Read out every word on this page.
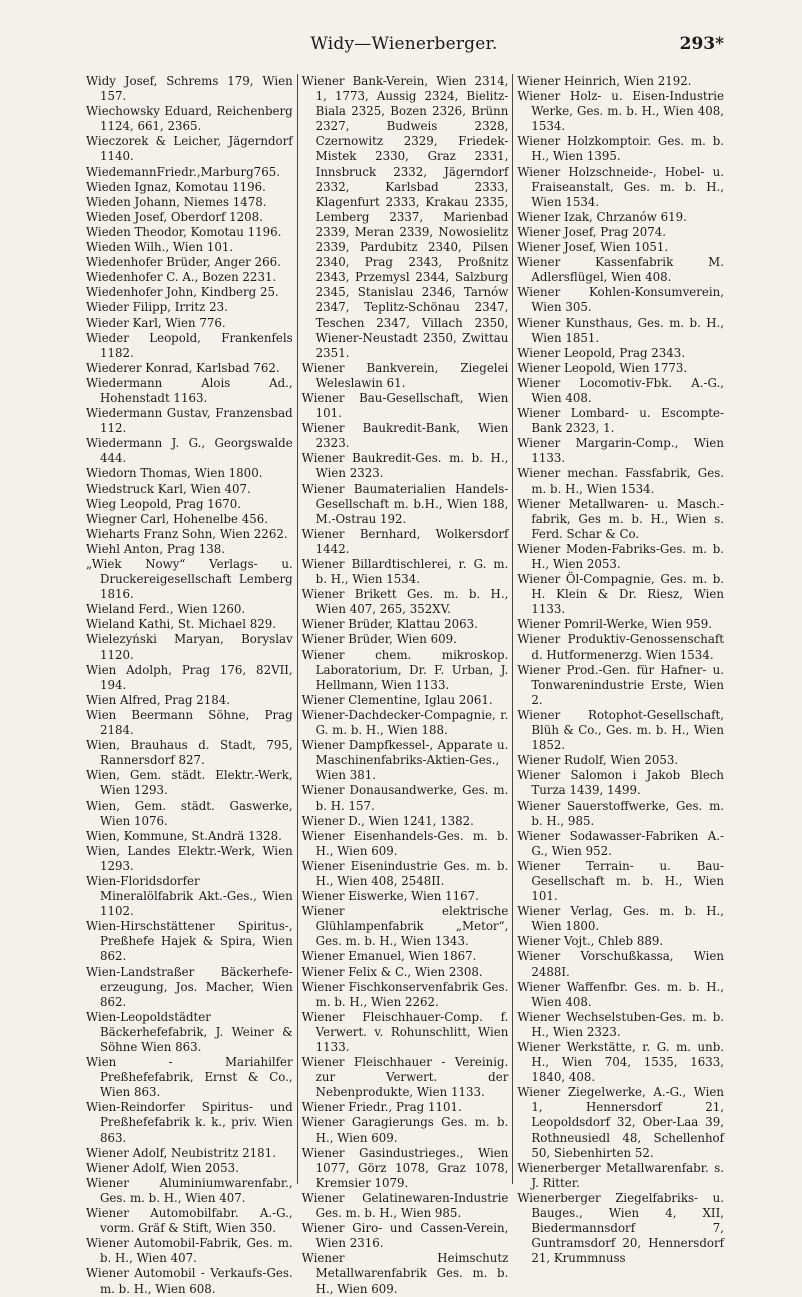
Widy—Wienerberger.	293*

Widy Josef, Schrems 179, Wien 157.

Wiechowsky Eduard, Reichenberg 1124, 661, 2365.

Wieczorek & Leicher, Jägerndorf 1140.

WiedemannFriedr.,Marburg765.

Wieden Ignaz, Komotau 1196.

Wieden Johann, Niemes 1478.

Wieden Josef, Oberdorf 1208.

Wieden Theodor, Komotau 1196.

Wieden Wilh., Wien 101.

Wiedenhofer Brüder, Anger 266.

Wiedenhofer C. A., Bozen 2231.

Wiedenhofer John, Kindberg 25.

Wieder Filipp, Irritz 23.

Wieder Karl, Wien 776.

Wieder Leopold, Frankenfels 1182.

Wiederer Konrad, Karlsbad 762.

Wiedermann Alois Ad., Hohenstadt 1163.

Wiedermann Gustav, Franzensbad 112.

Wiedermann J. G., Georgswalde 444.

Wiedorn Thomas, Wien 1800.

Wiedstruck Karl, Wien 407.

Wieg Leopold, Prag 1670.

Wiegner Carl, Hohenelbe 456.

Wieharts Franz Sohn, Wien 2262.

Wiehl Anton, Prag 138.

„Wiek Nowy“ Verlags- u. Druckereigesellschaft Lemberg 1816.

Wieland Ferd., Wien 1260.

Wieland Kathi, St. Michael 829.

Wielezyński Maryan, Boryslav 1120.

Wien Adolph, Prag 176, 82VII, 194.

Wien Alfred, Prag 2184.

Wien Beermann Söhne, Prag 2184.

Wien, Brauhaus d. Stadt, 795, Rannersdorf 827.

Wien, Gem. städt. Elektr.-Werk, Wien 1293.

Wien, Gem. städt. Gaswerke, Wien 1076.

Wien, Kommune, St.Andrä 1328.

Wien, Landes Elektr.-Werk, Wien 1293.

Wien-Floridsdorfer Mineralölfabrik Akt.-Ges., Wien 1102.

Wien-Hirschstättener Spiritus-, Preßhefe Hajek & Spira, Wien 862.

Wien-Landstraßer Bäckerhefe-erzeugung, Jos. Macher, Wien 862.

Wien-Leopoldstädter Bäckerhefefabrik, J. Weiner & Söhne Wien 863.

Wien - Mariahilfer Preßhefefabrik, Ernst & Co., Wien 863.

Wien-Reindorfer Spiritus- und Preßhefefabrik k. k., priv. Wien 863.

Wiener Adolf, Neubistritz 2181.

Wiener Adolf, Wien 2053.

Wiener Aluminiumwarenfabr., Ges. m. b. H., Wien 407.

Wiener Automobilfabr. A.-G., vorm. Gräf & Stift, Wien 350.

Wiener Automobil-Fabrik, Ges. m. b. H., Wien 407.

Wiener Automobil - Verkaufs-Ges. m. b. H., Wien 608.

Wiener Bank-Verein, Wien 2314, 1, 1773, Aussig 2324, Bielitz-Biala 2325, Bozen 2326, Brünn 2327, Budweis 2328, Czernowitz 2329, Friedek-Mistek 2330, Graz 2331, Innsbruck 2332, Jägerndorf 2332, Karlsbad 2333, Klagenfurt 2333, Krakau 2335, Lemberg 2337, Marienbad 2339, Meran 2339, Nowosielitz 2339, Pardubitz 2340, Pilsen 2340, Prag 2343, Proßnitz 2343, Przemysl 2344, Salzburg 2345, Stanislau 2346, Tarnów 2347, Teplitz-Schönau 2347, Teschen 2347, Villach 2350, Wiener-Neustadt 2350, Zwittau 2351.

Wiener Bankverein, Ziegelei Weleslawin 61.

Wiener Bau-Gesellschaft, Wien 101.

Wiener Baukredit-Bank, Wien 2323.

Wiener Baukredit-Ges. m. b. H., Wien 2323.

Wiener Baumaterialien Handels-Gesellschaft m. b.H., Wien 188, M.-Ostrau 192.

Wiener Bernhard, Wolkersdorf 1442.

Wiener Billardtischlerei, r. G. m. b. H., Wien 1534.

Wiener Brikett Ges. m. b. H., Wien 407, 265, 352XV.

Wiener Brüder, Klattau 2063.

Wiener Brüder, Wien 609.

Wiener chem. mikroskop. Laboratorium, Dr. F. Urban, J. Hellmann, Wien 1133.

Wiener Clementine, Iglau 2061.

Wiener-Dachdecker-Compagnie, r. G. m. b. H., Wien 188.

Wiener Dampfkessel-, Apparate u. Maschinenfabriks-Aktien-Ges., Wien 381.

Wiener Donausandwerke, Ges. m. b. H. 157.

Wiener D., Wien 1241, 1382.

Wiener Eisenhandels-Ges. m. b. H., Wien 609.

Wiener Eisenindustrie Ges. m. b. H., Wien 408, 2548II.

Wiener Eiswerke, Wien 1167.

Wiener elektrische Glühlampenfabrik „Metor“, Ges. m. b. H., Wien 1343.

Wiener Emanuel, Wien 1867.

Wiener Felix & C., Wien 2308.

Wiener Fischkonservenfabrik Ges. m. b. H., Wien 2262.

Wiener Fleischhauer-Comp. f. Verwert. v. Rohunschlitt, Wien 1133.

Wiener Fleischhauer - Vereinig. zur Verwert. der Nebenprodukte, Wien 1133.

Wiener Friedr., Prag 1101.

Wiener Garagierungs Ges. m. b. H., Wien 609.

Wiener Gasindustrieges., Wien 1077, Görz 1078, Graz 1078, Kremsier 1079.

Wiener Gelatinewaren-Industrie Ges. m. b. H., Wien 985.

Wiener Giro- und Cassen-Verein, Wien 2316.

Wiener Heimschutz Metallwarenfabrik Ges. m. b. H., Wien 609.

Wiener Heinrich, Wien 2192.

Wiener Holz- u. Eisen-Industrie Werke, Ges. m. b. H., Wien 408, 1534.

Wiener Holzkomptoir. Ges. m. b. H., Wien 1395.

Wiener Holzschneide-, Hobel- u. Fraiseanstalt, Ges. m. b. H., Wien 1534.

Wiener Izak, Chrzanów 619.

Wiener Josef, Prag 2074.

Wiener Josef, Wien 1051.

Wiener Kassenfabrik M. Adlersflügel, Wien 408.

Wiener Kohlen-Konsumverein, Wien 305.

Wiener Kunsthaus, Ges. m. b. H., Wien 1851.

Wiener Leopold, Prag 2343.

Wiener Leopold, Wien 1773.

Wiener Locomotiv-Fbk. A.-G., Wien 408.

Wiener Lombard- u. Escompte-Bank 2323, 1.

Wiener Margarin-Comp., Wien 1133.

Wiener mechan. Fassfabrik, Ges. m. b. H., Wien 1534.

Wiener Metallwaren- u. Masch.-fabrik, Ges m. b. H., Wien s. Ferd. Schar & Co.

Wiener Moden-Fabriks-Ges. m. b. H., Wien 2053.

Wiener Öl-Compagnie, Ges. m. b. H. Klein & Dr. Riesz, Wien 1133.

Wiener Pomril-Werke, Wien 959.

Wiener Produktiv-Genossenschaft d. Hutformenerzg. Wien 1534.

Wiener Prod.-Gen. für Hafner- u. Tonwarenindustrie Erste, Wien 2.

Wiener Rotophot-Gesellschaft, Blüh & Co., Ges. m. b. H., Wien 1852.

Wiener Rudolf, Wien 2053.

Wiener Salomon i Jakob Blech Turza 1439, 1499.

Wiener Sauerstoffwerke, Ges. m. b. H., 985.

Wiener Sodawasser-Fabriken A.-G., Wien 952.

Wiener Terrain- u. Bau-Gesellschaft m. b. H., Wien 101.

Wiener Verlag, Ges. m. b. H., Wien 1800.

Wiener Vojt., Chleb 889.

Wiener Vorschußkassa, Wien 2488I.

Wiener Waffenfbr. Ges. m. b. H., Wien 408.

Wiener Wechselstuben-Ges. m. b. H., Wien 2323.

Wiener Werkstätte, r. G. m. unb. H., Wien 704, 1535, 1633, 1840, 408.

Wiener Ziegelwerke, A.-G., Wien 1, Hennersdorf 21, Leopoldsdorf 32, Ober-Laa 39, Rothneusiedl 48, Schellenhof 50, Siebenhirten 52.

Wienerberger Metallwarenfabr. s. J. Ritter.

Wienerberger Ziegelfabriks- u. Bauges., Wien 4, XII, Biedermannsdorf 7, Guntramsdorf 20, Hennersdorf 21, Krummnuss
